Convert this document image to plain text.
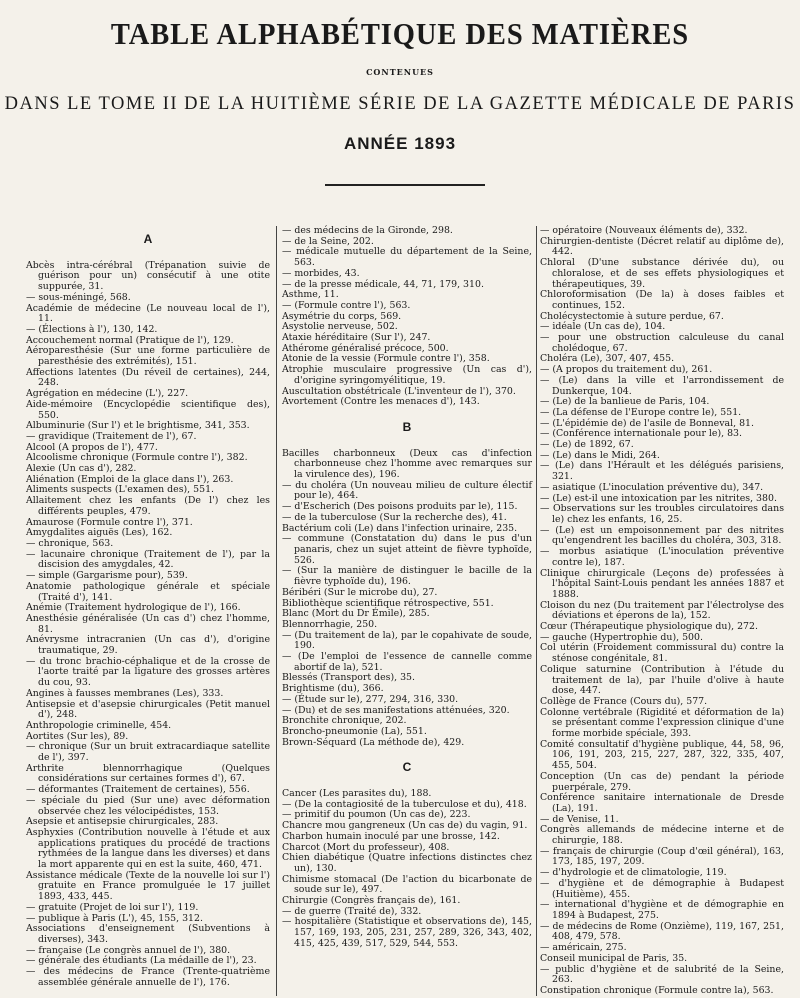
TABLE ALPHABÉTIQUE DES MATIÈRES
CONTENUES
DANS LE TOME II DE LA HUITIÈME SÉRIE DE LA GAZETTE MÉDICALE DE PARIS
ANNÉE 1893

A

Abcès intra-cérébral (Trépanation suivie de guérison pour un) consécutif à une otite suppurée, 31.

— sous-méningé, 568.

Académie de médecine (Le nouveau local de l'), 11.

— (Élections à l'), 130, 142.

Accouchement normal (Pratique de l'), 129.

Aéroparesthésie (Sur une forme particulière de paresthésie des extrémités), 151.

Affections latentes (Du réveil de certaines), 244, 248.

Agrégation en médecine (L'), 227.

Aide-mémoire (Encyclopédie scientifique des), 550.

Albuminurie (Sur l') et le brightisme, 341, 353.

— gravidique (Traitement de l'), 67.

Alcool (A propos de l'), 477.

Alcoolisme chronique (Formule contre l'), 382.

Alexie (Un cas d'), 282.

Aliénation (Emploi de la glace dans l'), 263.

Aliments suspects (L'examen des), 551.

Allaitement chez les enfants (De l') chez les différents peuples, 479.

Amaurose (Formule contre l'), 371.

Amygdalites aiguës (Les), 162.

— chronique, 563.

— lacunaire chronique (Traitement de l'), par la discision des amygdales, 42.

— simple (Gargarisme pour), 539.

Anatomie pathologique générale et spéciale (Traité d'), 141.

Anémie (Traitement hydrologique de l'), 166.

Anesthésie généralisée (Un cas d') chez l'homme, 81.

Anévrysme intracranien (Un cas d'), d'origine traumatique, 29.

— du tronc brachio-céphalique et de la crosse de l'aorte traité par la ligature des grosses artères du cou, 93.

Angines à fausses membranes (Les), 333.

Antisepsie et d'asepsie chirurgicales (Petit manuel d'), 248.

Anthropologie criminelle, 454.

Aortites (Sur les), 89.

— chronique (Sur un bruit extracardiaque satellite de l'), 397.

Arthrite blennorrhagique (Quelques considérations sur certaines formes d'), 67.

— déformantes (Traitement de certaines), 556.

— spéciale du pied (Sur une) avec déformation observée chez les vélocipédistes, 153.

Asepsie et antisepsie chirurgicales, 283.

Asphyxies (Contribution nouvelle à l'étude et aux applications pratiques du procédé de tractions rythmées de la langue dans les diverses) et dans la mort apparente qui en est la suite, 460, 471.

Assistance médicale (Texte de la nouvelle loi sur l') gratuite en France promulguée le 17 juillet 1893, 433, 445.

— gratuite (Projet de loi sur l'), 119.

— publique à Paris (L'), 45, 155, 312.

Associations d'enseignement (Subventions à diverses), 343.

— française (Le congrès annuel de l'), 380.

— générale des étudiants (La médaille de l'), 23.

— des médecins de France (Trente-quatrième assemblée générale annuelle de l'), 176.

— des médecins de la Gironde, 298.

— de la Seine, 202.

— médicale mutuelle du département de la Seine, 563.

— morbides, 43.

— de la presse médicale, 44, 71, 179, 310.

Asthme, 11.

— (Formule contre l'), 563.

Asymétrie du corps, 569.

Asystolie nerveuse, 502.

Ataxie héréditaire (Sur l'), 247.

Athérome généralisé précoce, 500.

Atonie de la vessie (Formule contre l'), 358.

Atrophie musculaire progressive (Un cas d'), d'origine syringomyélitique, 19.

Auscultation obstétricale (L'inventeur de l'), 370.

Avortement (Contre les menaces d'), 143.

B

Bacilles charbonneux (Deux cas d'infection charbonneuse chez l'homme avec remarques sur la virulence des), 196.

— du choléra (Un nouveau milieu de culture électif pour le), 464.

— d'Escherich (Des poisons produits par le), 115.

— de la tuberculose (Sur la recherche des), 41.

Bactérium coli (Le) dans l'infection urinaire, 235.

— commune (Constatation du) dans le pus d'un panaris, chez un sujet atteint de fièvre typhoïde, 526.

— (Sur la manière de distinguer le bacille de la fièvre typhoïde du), 196.

Béribéri (Sur le microbe du), 27.

Bibliothèque scientifique rétrospective, 551.

Blanc (Mort du Dr Émile), 285.

Blennorrhagie, 250.

— (Du traitement de la), par le copahivate de soude, 190.

— (De l'emploi de l'essence de cannelle comme abortif de la), 521.

Blessés (Transport des), 35.

Brightisme (du), 366.

— (Étude sur le), 277, 294, 316, 330.

— (Du) et de ses manifestations atténuées, 320.

Bronchite chronique, 202.

Broncho-pneumonie (La), 551.

Brown-Séquard (La méthode de), 429.

C

Cancer (Les parasites du), 188.

— (De la contagiosité de la tuberculose et du), 418.

— primitif du poumon (Un cas de), 223.

Chancre mou gangreneux (Un cas de) du vagin, 91.

Charbon humain inoculé par une brosse, 142.

Charcot (Mort du professeur), 408.

Chien diabétique (Quatre infections distinctes chez un), 130.

Chimisme stomacal (De l'action du bicarbonate de soude sur le), 497.

Chirurgie (Congrès français de), 161.

— de guerre (Traité de), 332.

— hospitalière (Statistique et observations de), 145, 157, 169, 193, 205, 231, 257, 289, 326, 343, 402, 415, 425, 439, 517, 529, 544, 553.

— opératoire (Nouveaux éléments de), 332.

Chirurgien-dentiste (Décret relatif au diplôme de), 442.

Chloral (D'une substance dérivée du), ou chloralose, et de ses effets physiologiques et thérapeutiques, 39.

Chloroformisation (De la) à doses faibles et continues, 152.

Cholécystectomie à suture perdue, 67.

— idéale (Un cas de), 104.

— pour une obstruction calculeuse du canal cholédoque, 67.

Choléra (Le), 307, 407, 455.

— (A propos du traitement du), 261.

— (Le) dans la ville et l'arrondissement de Dunkerque, 104.

— (Le) de la banlieue de Paris, 104.

— (La défense de l'Europe contre le), 551.

— (L'épidémie de) de l'asile de Bonneval, 81.

— (Conférence internationale pour le), 83.

— (Le) de 1892, 67.

— (Le) dans le Midi, 264.

— (Le) dans l'Hérault et les délégués parisiens, 321.

— asiatique (L'inoculation préventive du), 347.

— (Le) est-il une intoxication par les nitrites, 380.

— Observations sur les troubles circulatoires dans le) chez les enfants, 16, 25.

— (Le) est un empoisonnement par des nitrites qu'engendrent les bacilles du choléra, 303, 318.

— morbus asiatique (L'inoculation préventive contre le), 187.

Clinique chirurgicale (Leçons de) professées à l'hôpital Saint-Louis pendant les années 1887 et 1888.

Cloison du nez (Du traitement par l'électrolyse des déviations et éperons de la), 152.

Cœur (Thérapeutique physiologique du), 272.

— gauche (Hypertrophie du), 500.

Col utérin (Froidement commissural du) contre la sténose congénitale, 81.

Colique saturnine (Contribution à l'étude du traitement de la), par l'huile d'olive à haute dose, 447.

Collège de France (Cours du), 577.

Colonne vertébrale (Rigidité et déformation de la) se présentant comme l'expression clinique d'une forme morbide spéciale, 393.

Comité consultatif d'hygiène publique, 44, 58, 96, 106, 191, 203, 215, 227, 287, 322, 335, 407, 455, 504.

Conception (Un cas de) pendant la période puerpérale, 279.

Conférence sanitaire internationale de Dresde (La), 191.

— de Venise, 11.

Congrès allemands de médecine interne et de chirurgie, 188.

— français de chirurgie (Coup d'œil général), 163, 173, 185, 197, 209.

— d'hydrologie et de climatologie, 119.

— d'hygiène et de démographie à Budapest (Huitième), 455.

— international d'hygiène et de démographie en 1894 à Budapest, 275.

— de médecins de Rome (Onzième), 119, 167, 251, 408, 479, 578.

— américain, 275.

Conseil municipal de Paris, 35.

— public d'hygiène et de salubrité de la Seine, 263.

Constipation chronique (Formule contre la), 563.
